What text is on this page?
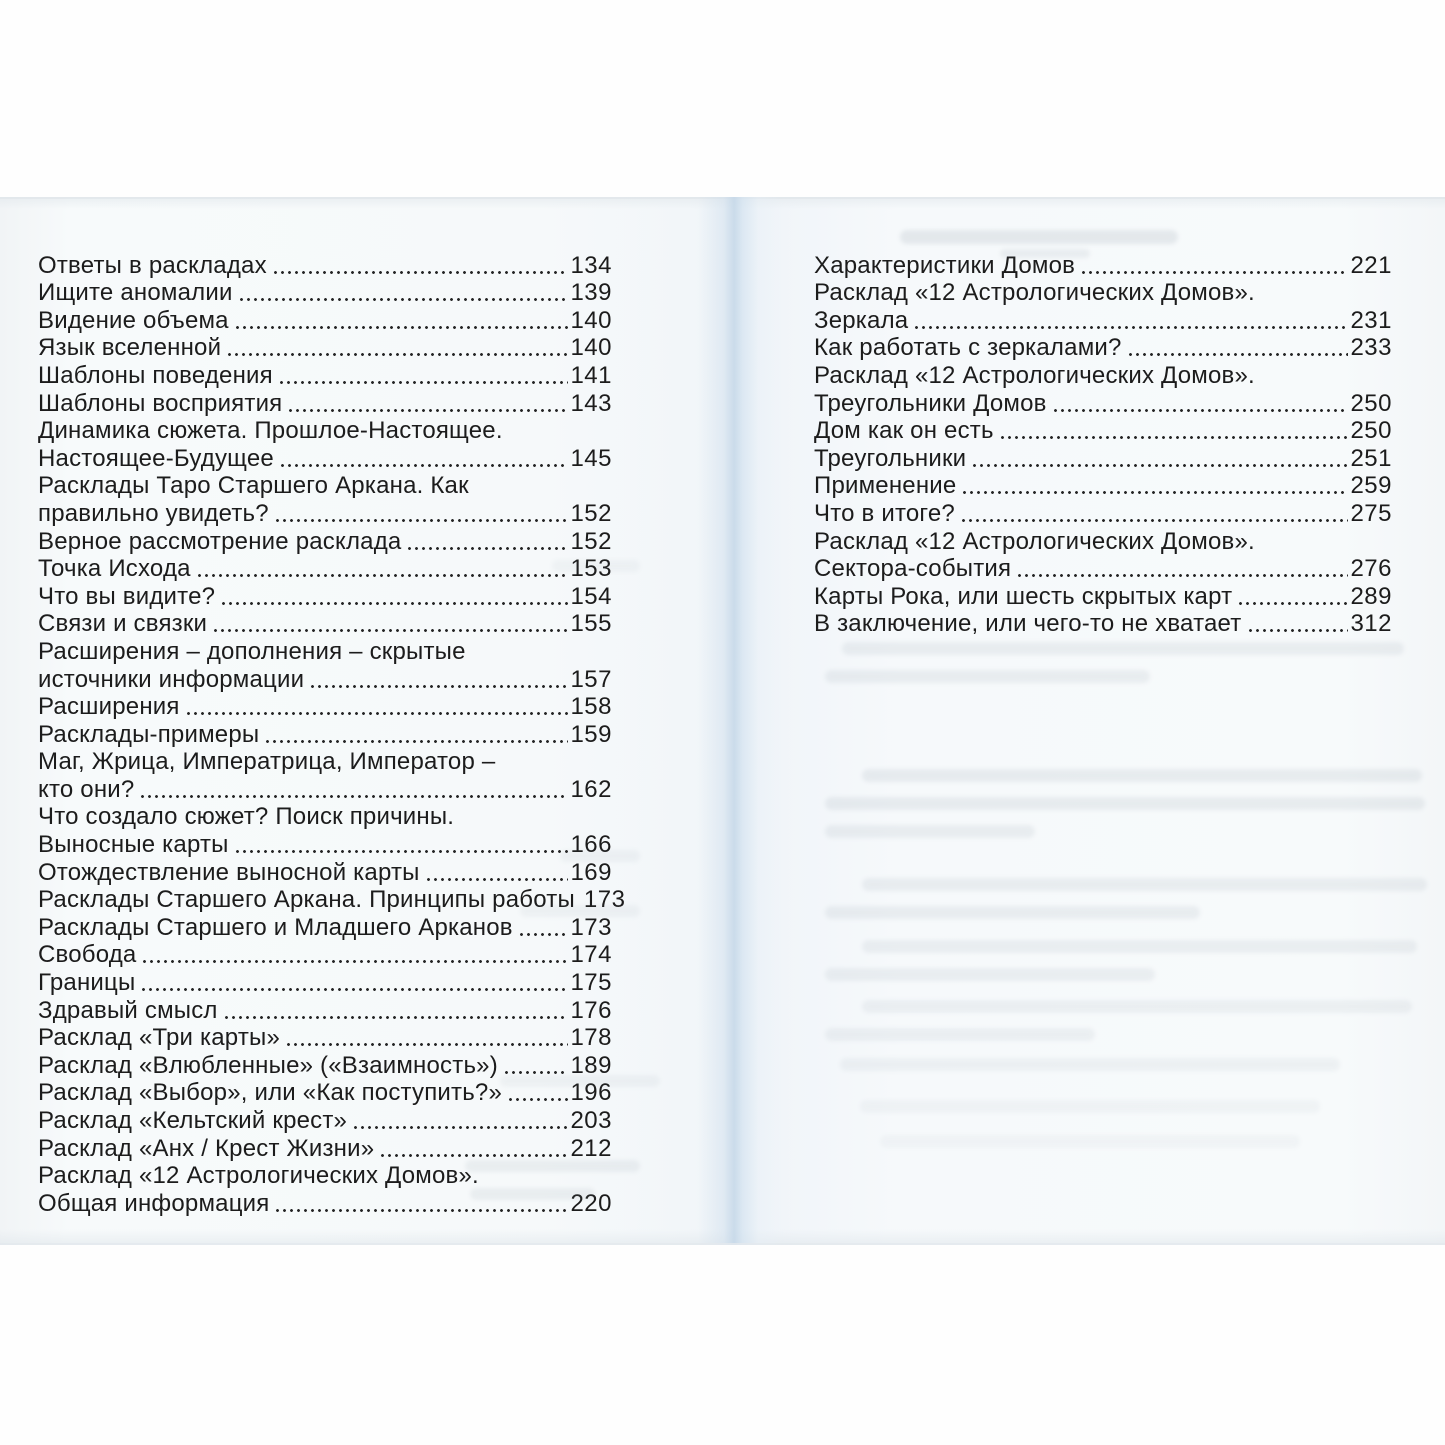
Ответы в раскладах	134
Ищите аномалии	139
Видение объема	140
Язык вселенной	140
Шаблоны поведения	141
Шаблоны восприятия	143
Динамика сюжета. Прошлое-Настоящее.
Настоящее-Будущее	145
Расклады Таро Старшего Аркана. Как
правильно увидеть?	152
Верное рассмотрение расклада	152
Точка Исхода	153
Что вы видите?	154
Связи и связки	155
Расширения – дополнения – скрытые
источники информации	157
Расширения	158
Расклады-примеры	159
Маг, Жрица, Императрица, Император –
кто они?	162
Что создало сюжет? Поиск причины.
Выносные карты	166
Отождествление выносной карты	169
Расклады Старшего Аркана. Принципы работы 173
Расклады Старшего и Младшего Арканов 173
Свобода	174
Границы	175
Здравый смысл	176
Расклад «Три карты»	178
Расклад «Влюбленные» («Взаимность»)	189
Расклад «Выбор», или «Как поступить?»	196
Расклад «Кельтский крест»	203
Расклад «Анх / Крест Жизни»	212
Расклад «12 Астрологических Домов».
Общая информация	220
Характеристики Домов	221
Расклад «12 Астрологических Домов».
Зеркала	231
Как работать с зеркалами?	233
Расклад «12 Астрологических Домов».
Треугольники Домов	250
Дом как он есть	250
Треугольники	251
Применение	259
Что в итоге?	275
Расклад «12 Астрологических Домов».
Сектора-события	276
Карты Рока, или шесть скрытых карт	289
В заключение, или чего-то не хватает	312
